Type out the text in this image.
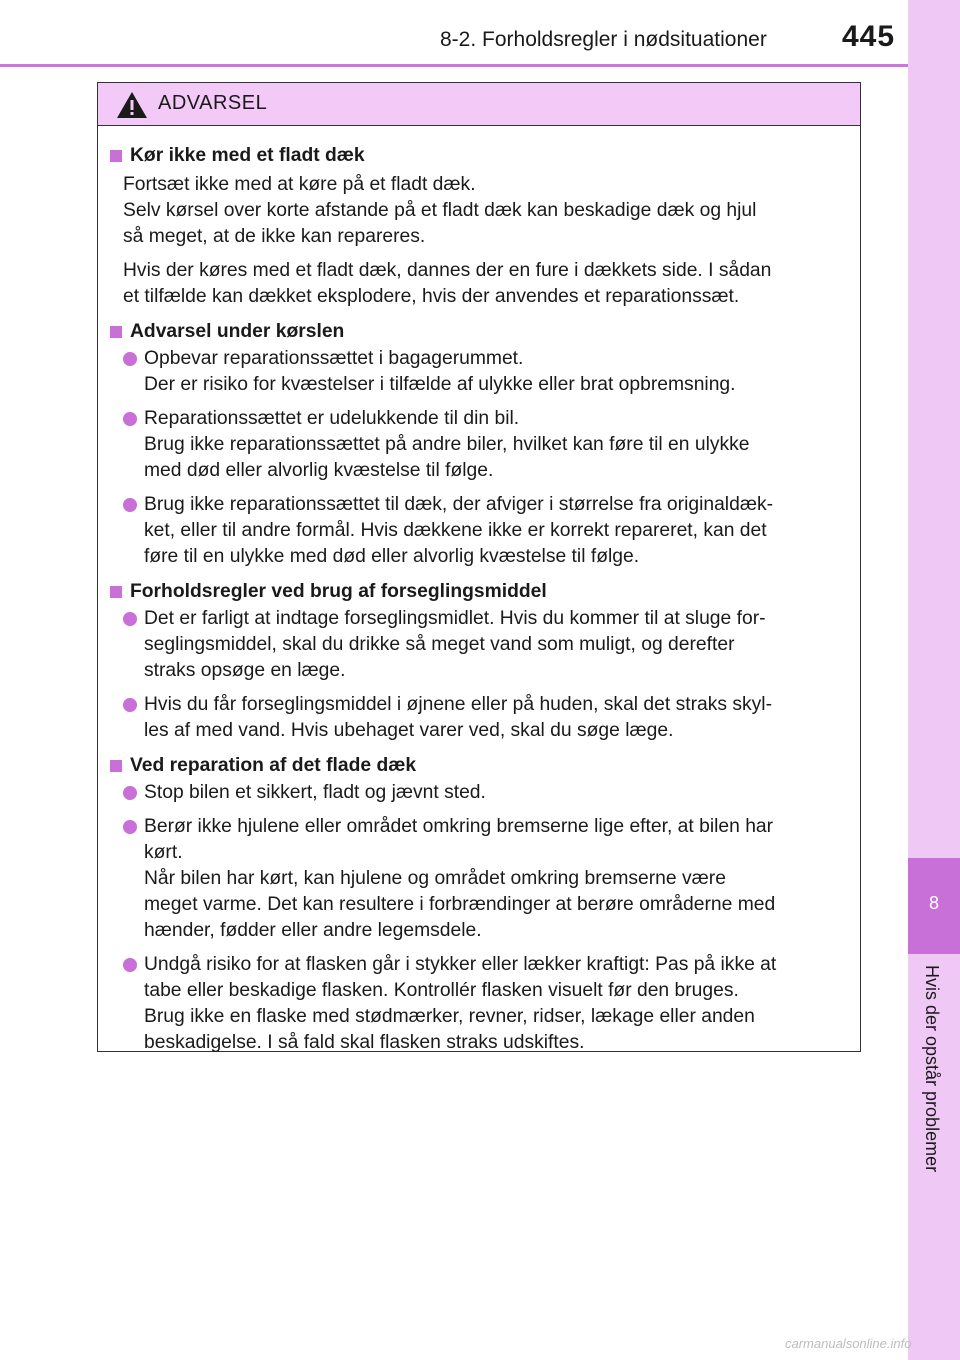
8-2. Forholdsregler i nødsituationer	445
8
Hvis der opstår problemer
ADVARSEL
Kør ikke med et fladt dæk
Fortsæt ikke med at køre på et fladt dæk.
Selv kørsel over korte afstande på et fladt dæk kan beskadige dæk og hjul
så meget, at de ikke kan repareres.
Hvis der køres med et fladt dæk, dannes der en fure i dækkets side. I sådan
et tilfælde kan dækket eksplodere, hvis der anvendes et reparationssæt.
Advarsel under kørslen
Opbevar reparationssættet i bagagerummet.
Der er risiko for kvæstelser i tilfælde af ulykke eller brat opbremsning.
Reparationssættet er udelukkende til din bil.
Brug ikke reparationssættet på andre biler, hvilket kan føre til en ulykke
med død eller alvorlig kvæstelse til følge.
Brug ikke reparationssættet til dæk, der afviger i størrelse fra originaldæk-
ket, eller til andre formål. Hvis dækkene ikke er korrekt repareret, kan det
føre til en ulykke med død eller alvorlig kvæstelse til følge.
Forholdsregler ved brug af forseglingsmiddel
Det er farligt at indtage forseglingsmidlet. Hvis du kommer til at sluge for-
seglingsmiddel, skal du drikke så meget vand som muligt, og derefter
straks opsøge en læge.
Hvis du får forseglingsmiddel i øjnene eller på huden, skal det straks skyl-
les af med vand. Hvis ubehaget varer ved, skal du søge læge.
Ved reparation af det flade dæk
Stop bilen et sikkert, fladt og jævnt sted.
Berør ikke hjulene eller området omkring bremserne lige efter, at bilen har
kørt.
Når bilen har kørt, kan hjulene og området omkring bremserne være
meget varme. Det kan resultere i forbrændinger at berøre områderne med
hænder, fødder eller andre legemsdele.
Undgå risiko for at flasken går i stykker eller lækker kraftigt: Pas på ikke at
tabe eller beskadige flasken. Kontrollér flasken visuelt før den bruges.
Brug ikke en flaske med stødmærker, revner, ridser, lækage eller anden
beskadigelse. I så fald skal flasken straks udskiftes.
carmanualsonline.info
